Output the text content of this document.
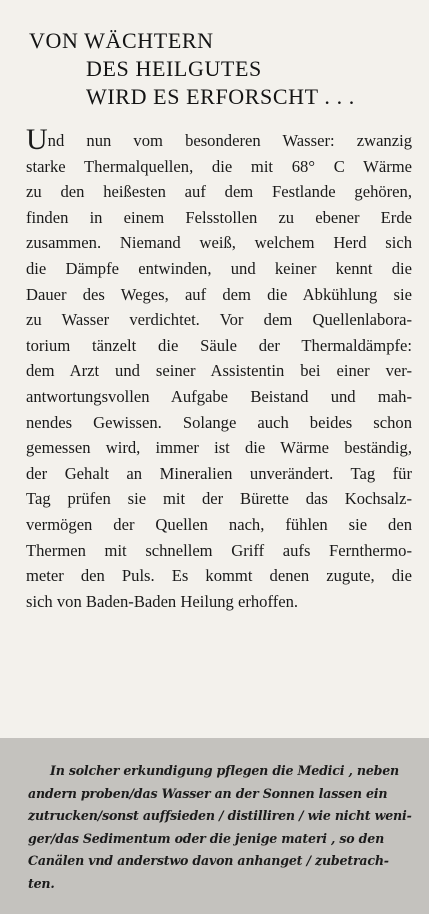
VON WÄCHTERN
DES HEILGUTES
WIRD ES ERFORSCHT . . .
Und nun vom besonderen Wasser: zwanzig
starke Thermalquellen, die mit 68° C Wärme
zu den heißesten auf dem Festlande gehören,
finden in einem Felsstollen zu ebener Erde
zusammen. Niemand weiß, welchem Herd sich
die Dämpfe entwinden, und keiner kennt die
Dauer des Weges, auf dem die Abkühlung sie
zu Wasser verdichtet. Vor dem Quellenlabora-
torium tänzelt die Säule der Thermaldämpfe:
dem Arzt und seiner Assistentin bei einer ver-
antwortungsvollen Aufgabe Beistand und mah-
nendes Gewissen. Solange auch beides schon
gemessen wird, immer ist die Wärme beständig,
der Gehalt an Mineralien unverändert. Tag für
Tag prüfen sie mit der Bürette das Kochsalz-
vermögen der Quellen nach, fühlen sie den
Thermen mit schnellem Griff aufs Fernthermo-
meter den Puls. Es kommt denen zugute, die
sich von Baden-Baden Heilung erhoffen.
In solcher erkundigung pflegen die Medici , neben
andern proben/das Wasser an der Sonnen lassen ein
zutrucken/sonst auffsieden / distilliren / wie nicht weni-
ger/das Sedimentum oder die jenige materi , so den
Canälen vnd anderstwo davon anhanget / zubetrach-
ten.
